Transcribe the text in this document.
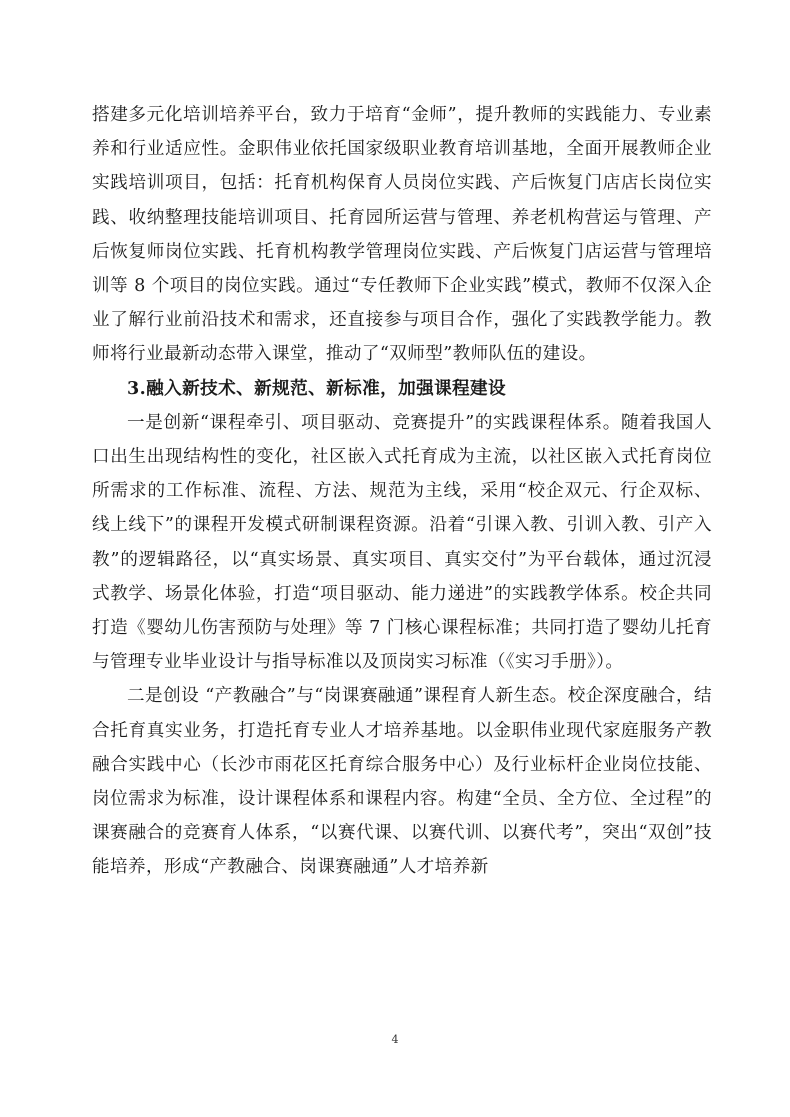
搭建多元化培训培养平台，致力于培育“金师”，提升教师的实践能力、专业素养和行业适应性。金职伟业依托国家级职业教育培训基地，全面开展教师企业实践培训项目，包括：托育机构保育人员岗位实践、产后恢复门店店长岗位实践、收纳整理技能培训项目、托育园所运营与管理、养老机构营运与管理、产后恢复师岗位实践、托育机构教学管理岗位实践、产后恢复门店运营与管理培训等 8 个项目的岗位实践。通过“专任教师下企业实践”模式，教师不仅深入企业了解行业前沿技术和需求，还直接参与项目合作，强化了实践教学能力。教师将行业最新动态带入课堂，推动了“双师型”教师队伍的建设。

3.融入新技术、新规范、新标准，加强课程建设

一是创新“课程牵引、项目驱动、竞赛提升”的实践课程体系。随着我国人口出生出现结构性的变化，社区嵌入式托育成为主流，以社区嵌入式托育岗位所需求的工作标准、流程、方法、规范为主线，采用“校企双元、行企双标、线上线下”的课程开发模式研制课程资源。沿着“引课入教、引训入教、引产入教”的逻辑路径，以“真实场景、真实项目、真实交付”为平台载体，通过沉浸式教学、场景化体验，打造“项目驱动、能力递进”的实践教学体系。校企共同打造《婴幼儿伤害预防与处理》等 7 门核心课程标准；共同打造了婴幼儿托育与管理专业毕业设计与指导标准以及顶岗实习标准（《实习手册》）。

二是创设 “产教融合”与“岗课赛融通”课程育人新生态。校企深度融合，结合托育真实业务，打造托育专业人才培养基地。以金职伟业现代家庭服务产教融合实践中心（长沙市雨花区托育综合服务中心）及行业标杆企业岗位技能、岗位需求为标准，设计课程体系和课程内容。构建“全员、全方位、全过程”的课赛融合的竞赛育人体系，“以赛代课、以赛代训、以赛代考”，突出“双创”技能培养，形成“产教融合、岗课赛融通”人才培养新

4
